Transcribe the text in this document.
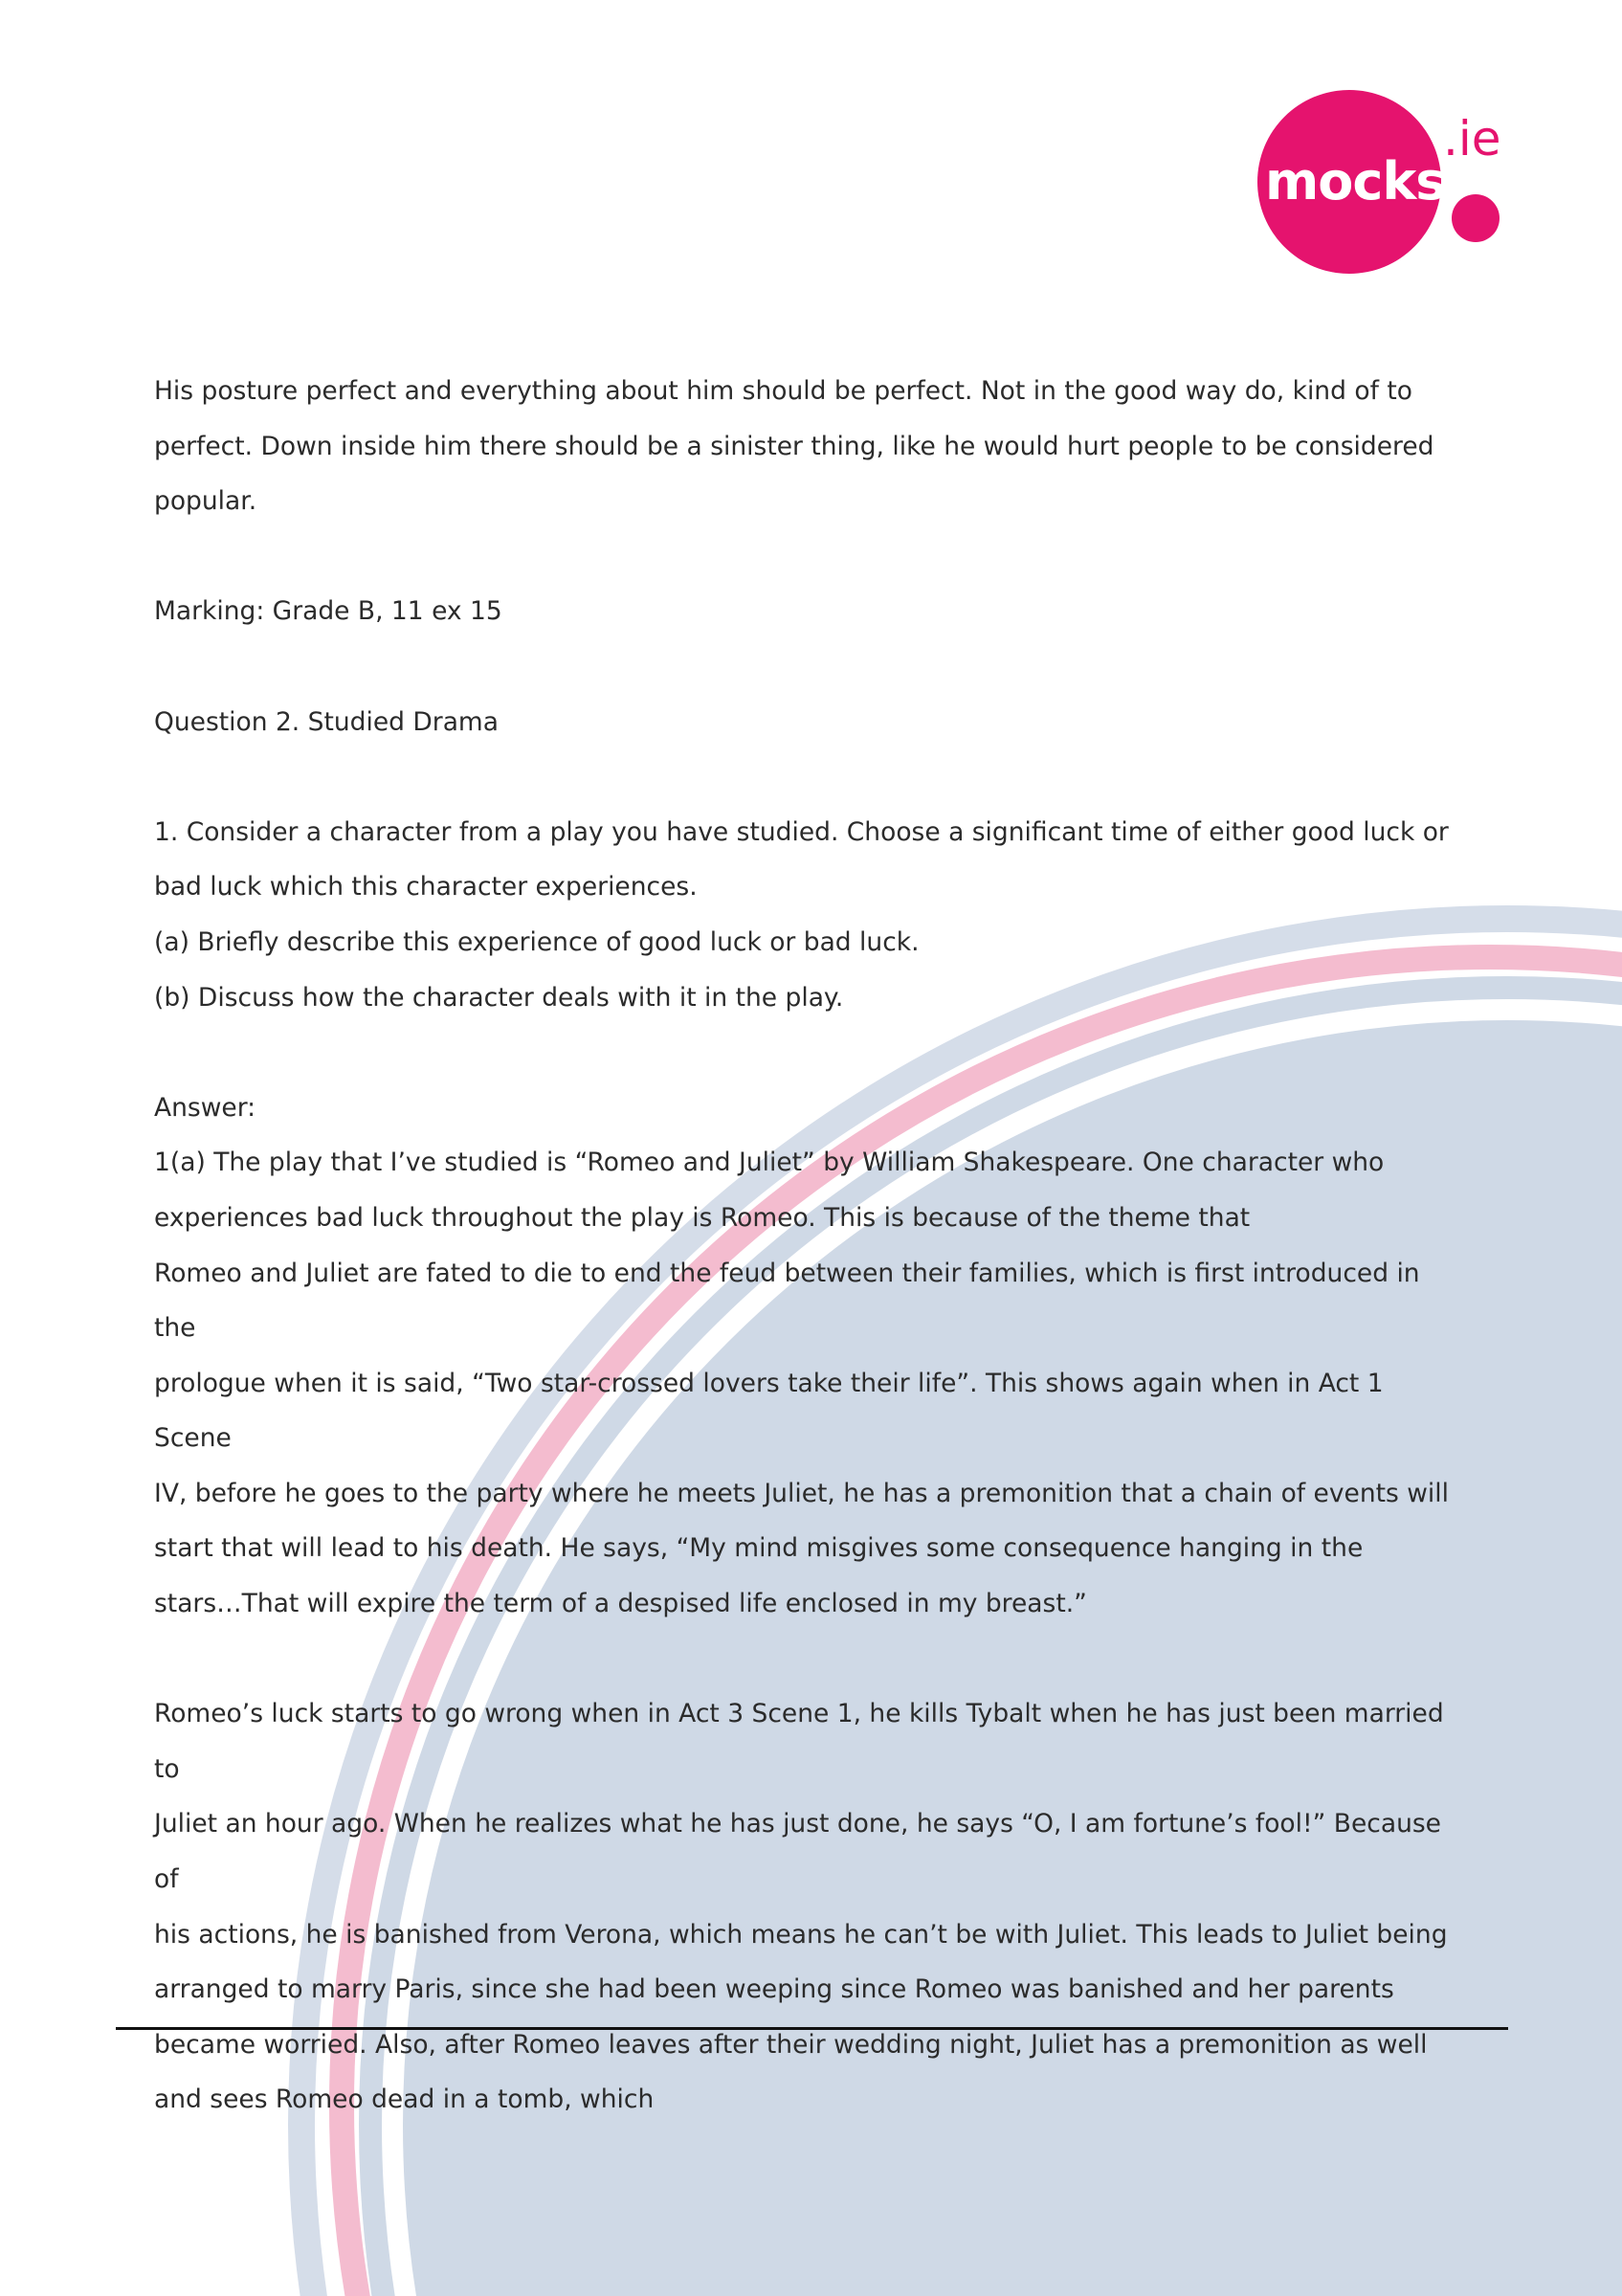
mocks
.ie

His posture perfect and everything about him should be perfect. Not in the good way do, kind of to

perfect. Down inside him there should be a sinister thing, like he would hurt people to be considered

popular.

Marking: Grade B, 11 ex 15

Question 2. Studied Drama

1. Consider a character from a play you have studied. Choose a significant time of either good luck or

bad luck which this character experiences.

(a) Briefly describe this experience of good luck or bad luck.

(b) Discuss how the character deals with it in the play.

Answer:

1(a) The play that I’ve studied is “Romeo and Juliet” by William Shakespeare. One character who

experiences bad luck throughout the play is Romeo. This is because of the theme that

Romeo and Juliet are fated to die to end the feud between their families, which is first introduced in the

prologue when it is said, “Two star-crossed lovers take their life”. This shows again when in Act 1 Scene

IV, before he goes to the party where he meets Juliet, he has a premonition that a chain of events will

start that will lead to his death. He says, “My mind misgives some consequence hanging in the

stars…That will expire the term of a despised life enclosed in my breast.”

Romeo’s luck starts to go wrong when in Act 3 Scene 1, he kills Tybalt when he has just been married to

Juliet an hour ago. When he realizes what he has just done, he says “O, I am fortune’s fool!” Because of

his actions, he is banished from Verona, which means he can’t be with Juliet. This leads to Juliet being

arranged to marry Paris, since she had been weeping since Romeo was banished and her parents

became worried. Also, after Romeo leaves after their wedding night, Juliet has a premonition as well

and sees Romeo dead in a tomb, which
